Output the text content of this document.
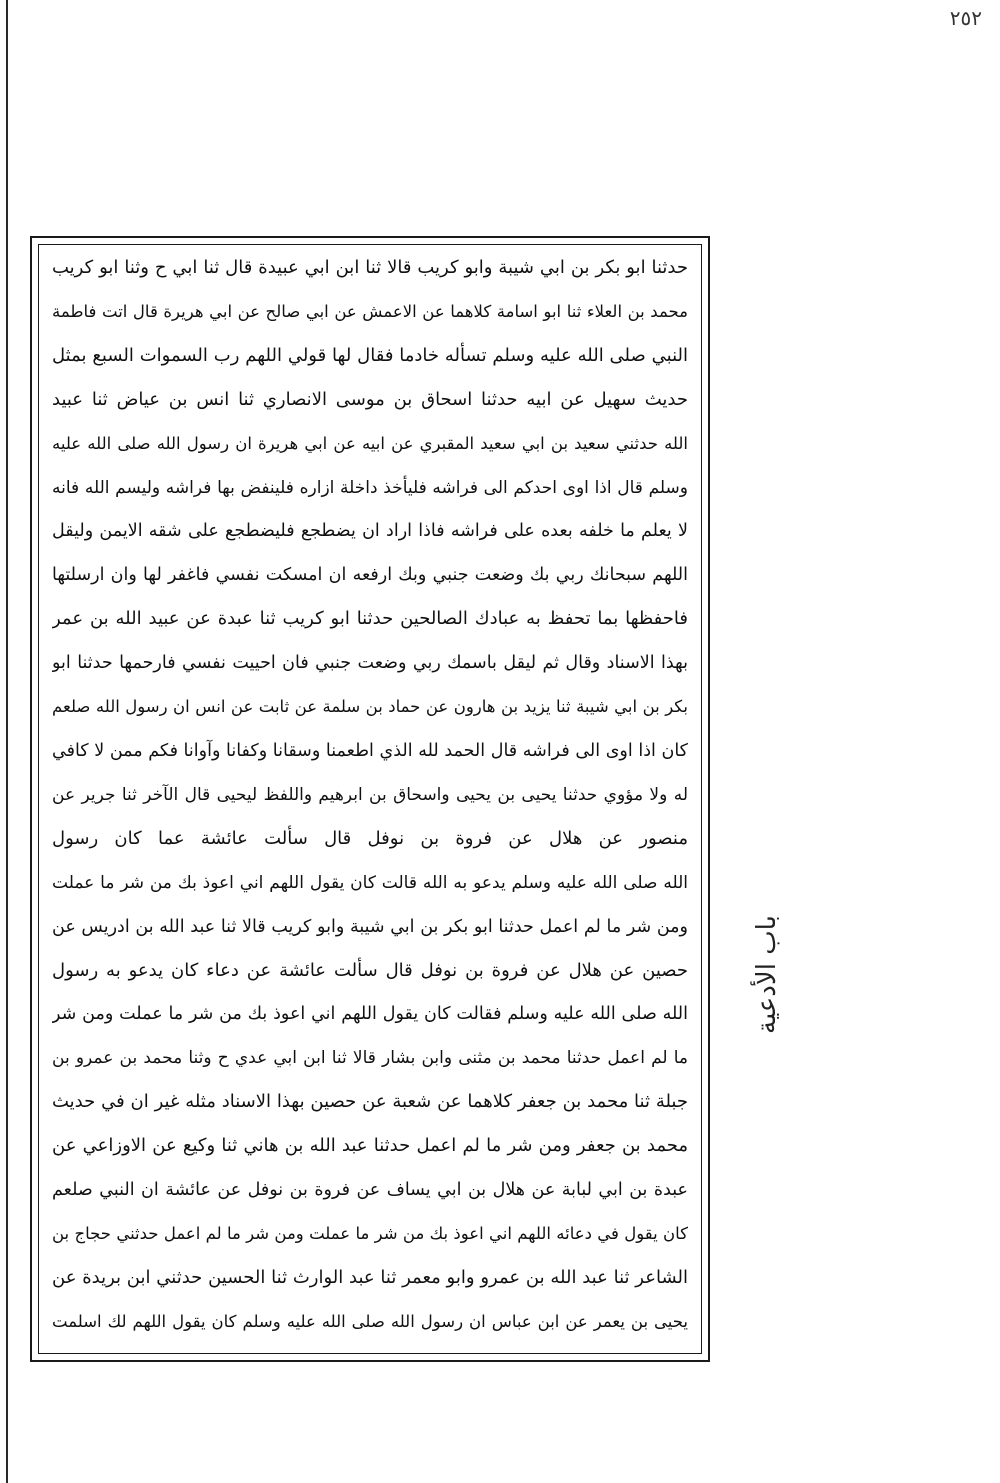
٢٥٢
حدثنا ابو بكر بن ابي شيبة وابو كريب قالا ثنا ابن ابي عبيدة قال ثنا ابي ح وثنا ابو كريب
محمد بن العلاء ثنا ابو اسامة كلاهما عن الاعمش عن ابي صالح عن ابي هريرة قال اتت فاطمة
النبي صلى الله عليه وسلم تسأله خادما فقال لها قولي اللهم رب السموات السبع بمثل
حديث سهيل عن ابيه حدثنا اسحاق بن موسى الانصاري ثنا انس بن عياض ثنا عبيد
الله حدثني سعيد بن ابي سعيد المقبري عن ابيه عن ابي هريرة ان رسول الله صلى الله عليه
وسلم قال اذا اوى احدكم الى فراشه فليأخذ داخلة ازاره فلينفض بها فراشه وليسم الله فانه
لا يعلم ما خلفه بعده على فراشه فاذا اراد ان يضطجع فليضطجع على شقه الايمن وليقل
اللهم سبحانك ربي بك وضعت جنبي وبك ارفعه ان امسكت نفسي فاغفر لها وان ارسلتها
فاحفظها بما تحفظ به عبادك الصالحين حدثنا ابو كريب ثنا عبدة عن عبيد الله بن عمر
بهذا الاسناد وقال ثم ليقل باسمك ربي وضعت جنبي فان احييت نفسي فارحمها حدثنا ابو
بكر بن ابي شيبة ثنا يزيد بن هارون عن حماد بن سلمة عن ثابت عن انس ان رسول الله صلعم
كان اذا اوى الى فراشه قال الحمد لله الذي اطعمنا وسقانا وكفانا وآوانا فكم ممن لا كافي
له ولا مؤوي حدثنا يحيى بن يحيى واسحاق بن ابرهيم واللفظ ليحيى قال الآخر ثنا جرير عن
منصور عن هلال عن فروة بن نوفل قال سألت عائشة عما كان رسول
الله صلى الله عليه وسلم يدعو به الله قالت كان يقول اللهم اني اعوذ بك من شر ما عملت
ومن شر ما لم اعمل حدثنا ابو بكر بن ابي شيبة وابو كريب قالا ثنا عبد الله بن ادريس عن
حصين عن هلال عن فروة بن نوفل قال سألت عائشة عن دعاء كان يدعو به رسول
الله صلى الله عليه وسلم فقالت كان يقول اللهم اني اعوذ بك من شر ما عملت ومن شر
ما لم اعمل حدثنا محمد بن مثنى وابن بشار قالا ثنا ابن ابي عدي ح وثنا محمد بن عمرو بن
جبلة ثنا محمد بن جعفر كلاهما عن شعبة عن حصين بهذا الاسناد مثله غير ان في حديث
محمد بن جعفر ومن شر ما لم اعمل حدثنا عبد الله بن هاني ثنا وكيع عن الاوزاعي عن
عبدة بن ابي لبابة عن هلال بن ابي يساف عن فروة بن نوفل عن عائشة ان النبي صلعم
كان يقول في دعائه اللهم اني اعوذ بك من شر ما عملت ومن شر ما لم اعمل حدثني حجاج بن
الشاعر ثنا عبد الله بن عمرو وابو معمر ثنا عبد الوارث ثنا الحسين حدثني ابن بريدة عن
يحيى بن يعمر عن ابن عباس ان رسول الله صلى الله عليه وسلم كان يقول اللهم لك اسلمت
باب الأدعية
